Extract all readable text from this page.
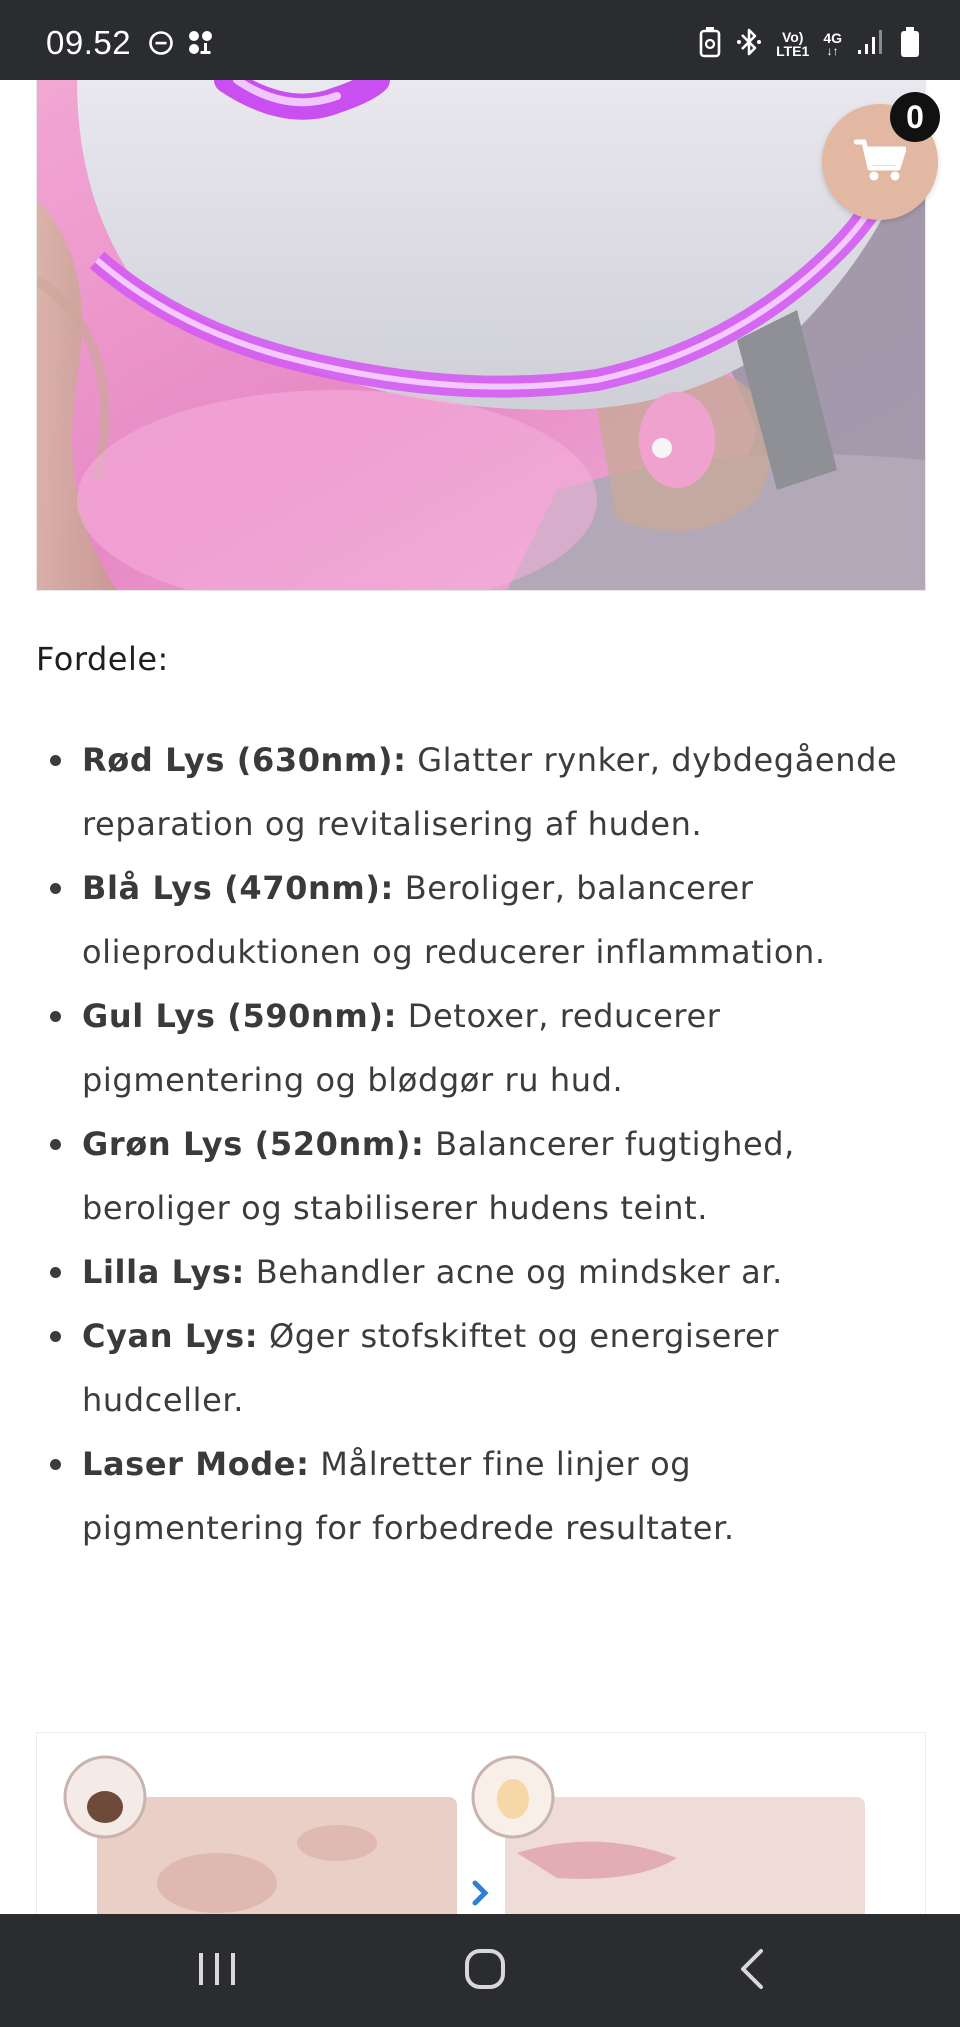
09.52	Vo)
LTE1
4G
↓↑
0
Fordele:
Rød Lys (630nm): Glatter rynker, dybdegående reparation og revitalisering af huden.
Blå Lys (470nm): Beroliger, balancerer olieproduktionen og reducerer inflammation.
Gul Lys (590nm): Detoxer, reducerer pigmentering og blødgør ru hud.
Grøn Lys (520nm): Balancerer fugtighed, beroliger og stabiliserer hudens teint.
Lilla Lys: Behandler acne og mindsker ar.
Cyan Lys: Øger stofskiftet og energiserer hudceller.
Laser Mode: Målretter fine linjer og pigmentering for forbedrede resultater.
